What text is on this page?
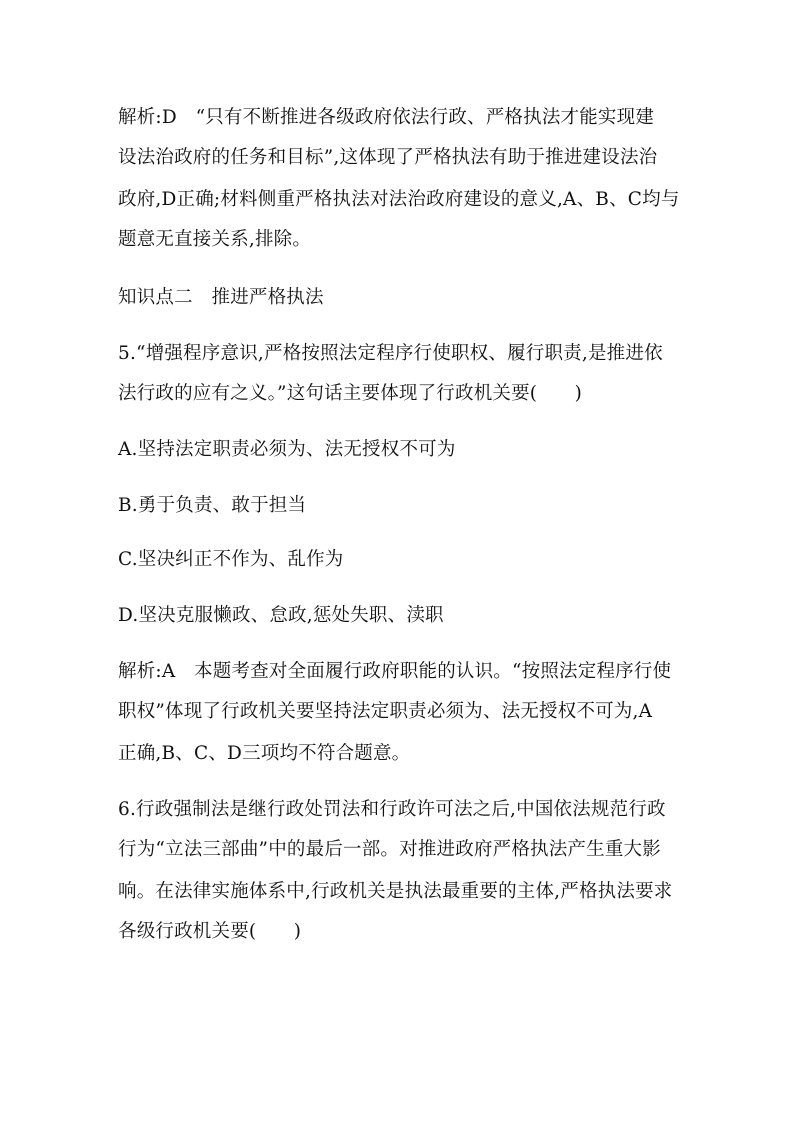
解析:D　“只有不断推进各级政府依法行政、严格执法才能实现建
设法治政府的任务和目标”,这体现了严格执法有助于推进建设法治
政府,D正确;材料侧重严格执法对法治政府建设的意义,A、B、C均与
题意无直接关系,排除。
知识点二　推进严格执法
5.“增强程序意识,严格按照法定程序行使职权、履行职责,是推进依
法行政的应有之义。”这句话主要体现了行政机关要(　　)
A.坚持法定职责必须为、法无授权不可为
B.勇于负责、敢于担当
C.坚决纠正不作为、乱作为
D.坚决克服懒政、怠政,惩处失职、渎职
解析:A　本题考查对全面履行政府职能的认识。“按照法定程序行使
职权”体现了行政机关要坚持法定职责必须为、法无授权不可为,A
正确,B、C、D三项均不符合题意。
6.行政强制法是继行政处罚法和行政许可法之后,中国依法规范行政
行为“立法三部曲”中的最后一部。对推进政府严格执法产生重大影
响。在法律实施体系中,行政机关是执法最重要的主体,严格执法要求
各级行政机关要(　　)
